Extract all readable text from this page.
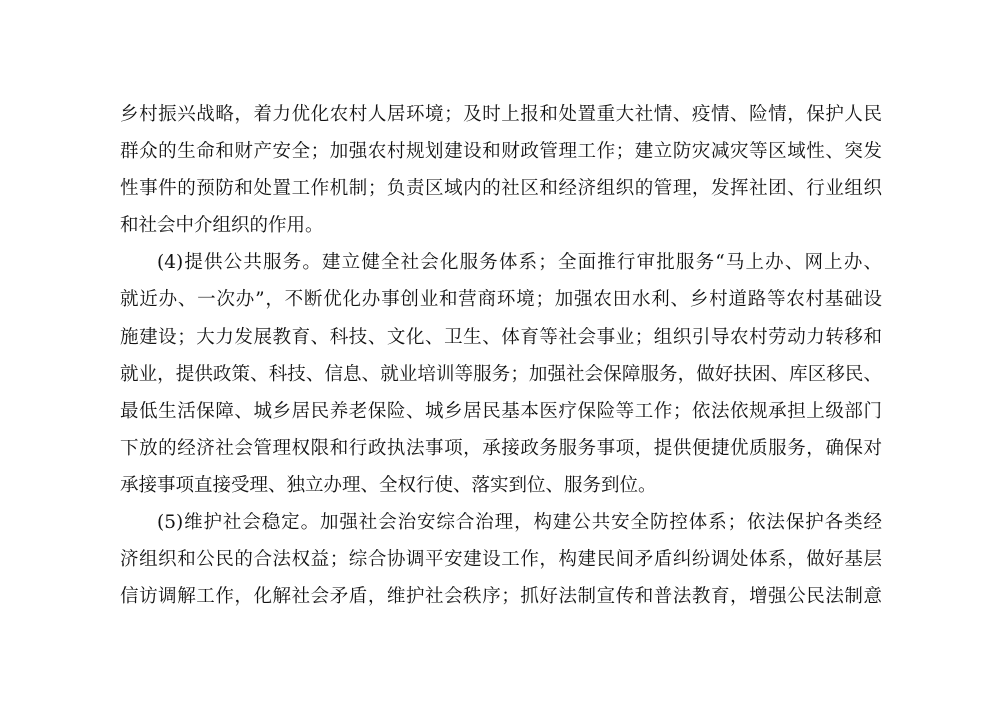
乡村振兴战略，着力优化农村人居环境；及时上报和处置重大社情、疫情、险情，保护人民
群众的生命和财产安全；加强农村规划建设和财政管理工作；建立防灾减灾等区域性、突发
性事件的预防和处置工作机制；负责区域内的社区和经济组织的管理，发挥社团、行业组织
和社会中介组织的作用。
(4)提供公共服务。建立健全社会化服务体系；全面推行审批服务“马上办、网上办、
就近办、一次办”，不断优化办事创业和营商环境；加强农田水利、乡村道路等农村基础设
施建设；大力发展教育、科技、文化、卫生、体育等社会事业；组织引导农村劳动力转移和
就业，提供政策、科技、信息、就业培训等服务；加强社会保障服务，做好扶困、库区移民、
最低生活保障、城乡居民养老保险、城乡居民基本医疗保险等工作；依法依规承担上级部门
下放的经济社会管理权限和行政执法事项，承接政务服务事项，提供便捷优质服务，确保对
承接事项直接受理、独立办理、全权行使、落实到位、服务到位。
(5)维护社会稳定。加强社会治安综合治理，构建公共安全防控体系；依法保护各类经
济组织和公民的合法权益；综合协调平安建设工作，构建民间矛盾纠纷调处体系，做好基层
信访调解工作，化解社会矛盾，维护社会秩序；抓好法制宣传和普法教育，增强公民法制意
